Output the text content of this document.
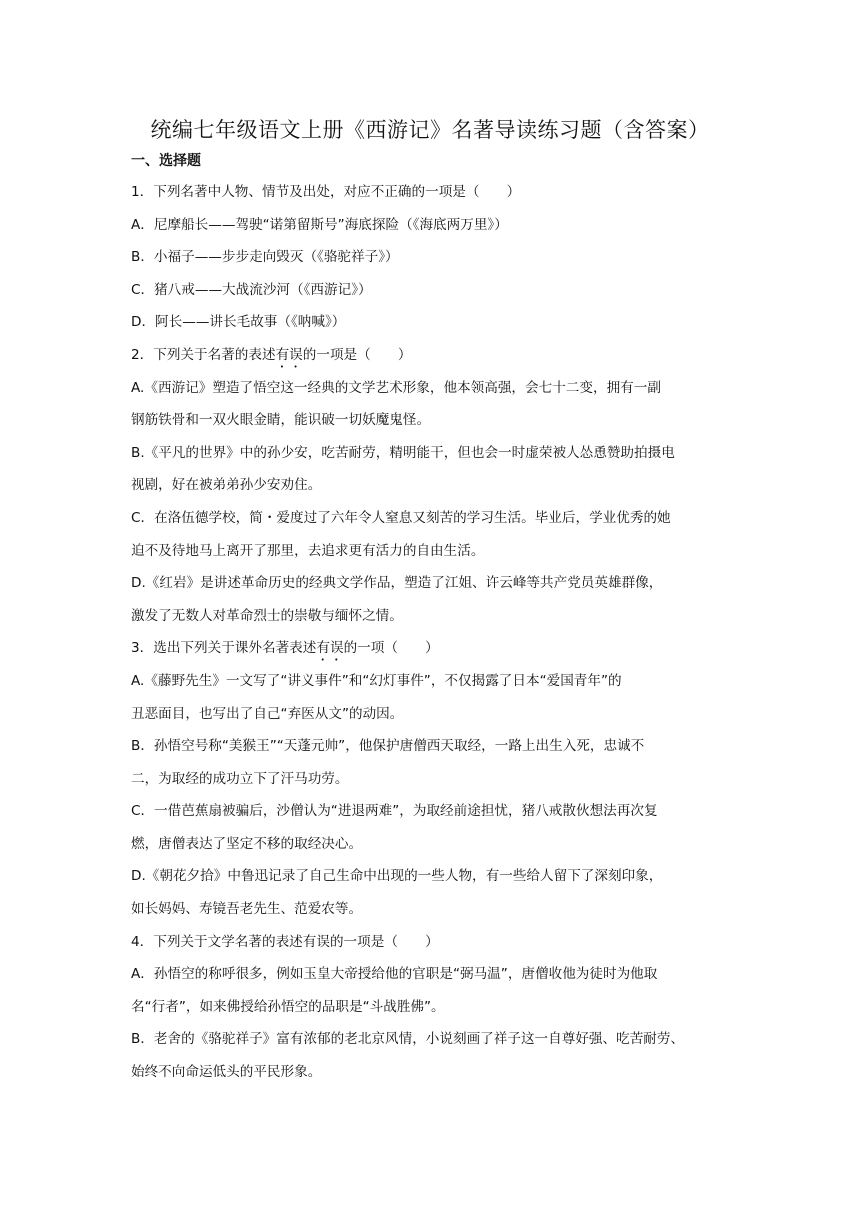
统编七年级语文上册《西游记》名著导读练习题（含答案）
一、选择题
1．下列名著中人物、情节及出处，对应不正确的一项是（　　）
A．尼摩船长——驾驶“诺第留斯号”海底探险（《海底两万里》）
B．小福子——步步走向毁灭（《骆驼祥子》）
C．猪八戒——大战流沙河（《西游记》）
D．阿长——讲长毛故事（《呐喊》）
2．下列关于名著的表述有误的一项是（　　）
A.《西游记》塑造了悟空这一经典的文学艺术形象，他本领高强，会七十二变，拥有一副
钢筋铁骨和一双火眼金睛，能识破一切妖魔鬼怪。
B.《平凡的世界》中的孙少安，吃苦耐劳，精明能干，但也会一时虚荣被人怂恿赞助拍摄电
视剧，好在被弟弟孙少安劝住。
C．在洛伍德学校，简・爱度过了六年令人窒息又刻苦的学习生活。毕业后，学业优秀的她
迫不及待地马上离开了那里，去追求更有活力的自由生活。
D.《红岩》是讲述革命历史的经典文学作品，塑造了江姐、许云峰等共产党员英雄群像，
激发了无数人对革命烈士的崇敬与缅怀之情。
3．选出下列关于课外名著表述有误的一项（　　）
A.《藤野先生》一文写了“讲义事件”和“幻灯事件”，不仅揭露了日本“爱国青年”的
丑恶面目，也写出了自己“弃医从文”的动因。
B．孙悟空号称“美猴王”“天蓬元帅”，他保护唐僧西天取经，一路上出生入死，忠诚不
二，为取经的成功立下了汗马功劳。
C．一借芭蕉扇被骗后，沙僧认为“进退两难”，为取经前途担忧，猪八戒散伙想法再次复
燃，唐僧表达了坚定不移的取经决心。
D.《朝花夕拾》中鲁迅记录了自己生命中出现的一些人物，有一些给人留下了深刻印象，
如长妈妈、寿镜吾老先生、范爱农等。
4．下列关于文学名著的表述有误的一项是（　　）
A．孙悟空的称呼很多，例如玉皇大帝授给他的官职是“弼马温”，唐僧收他为徒时为他取
名“行者”，如来佛授给孙悟空的品职是“斗战胜佛”。
B．老舍的《骆驼祥子》富有浓郁的老北京风情，小说刻画了祥子这一自尊好强、吃苦耐劳、
始终不向命运低头的平民形象。
